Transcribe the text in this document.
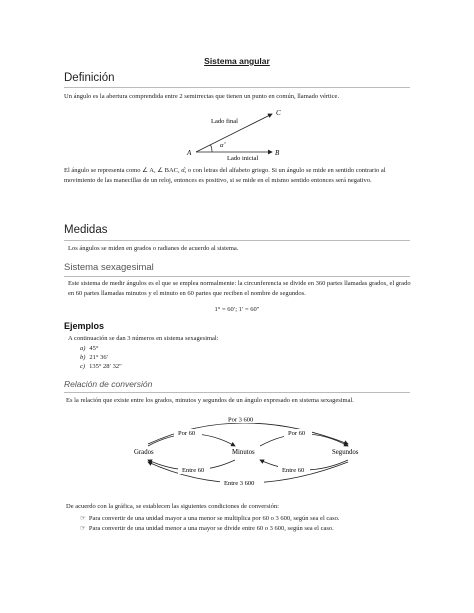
Sistema angular
Definición
Un ángulo es la abertura comprendida entre 2 semirrectas que tienen un punto en común, llamado vértice.
A	B
C
Lado final
Lado inicial
α̂
El ángulo se representa como ∠ A, ∠ BAC, α̂, o con letras del alfabeto griego. Si un ángulo se mide en sentido contrario al movimiento de las manecillas de un reloj, entonces es positivo, si se mide en el mismo sentido entonces será negativo.
Medidas
Los ángulos se miden en grados o radianes de acuerdo al sistema.
Sistema sexagesimal
Este sistema de medir ángulos es el que se emplea normalmente: la circunferencia se divide en 360 partes llamadas grados, el grado en 60 partes llamadas minutos y el minuto en 60 partes que reciben el nombre de segundos.
1° = 60′; 1′ = 60″
Ejemplos
A continuación se dan 3 números en sistema sexagesimal:
a) 45°
b) 21° 36′
c) 135° 28′ 32″
Relación de conversión
Es la relación que existe entre los grados, minutos y segundos de un ángulo expresado en sistema sexagesimal.
Grados	Minutos	Segundos
Por 3 600
Por 60	Por 60
Entre 60	Entre 60
Entre 3 600
De acuerdo con la gráfica, se establecen las siguientes condiciones de conversión:
☞ Para convertir de una unidad mayor a una menor se multiplica por 60 o 3 600, según sea el caso.
☞ Para convertir de una unidad menor a una mayor se divide entre 60 o 3 600, según sea el caso.
